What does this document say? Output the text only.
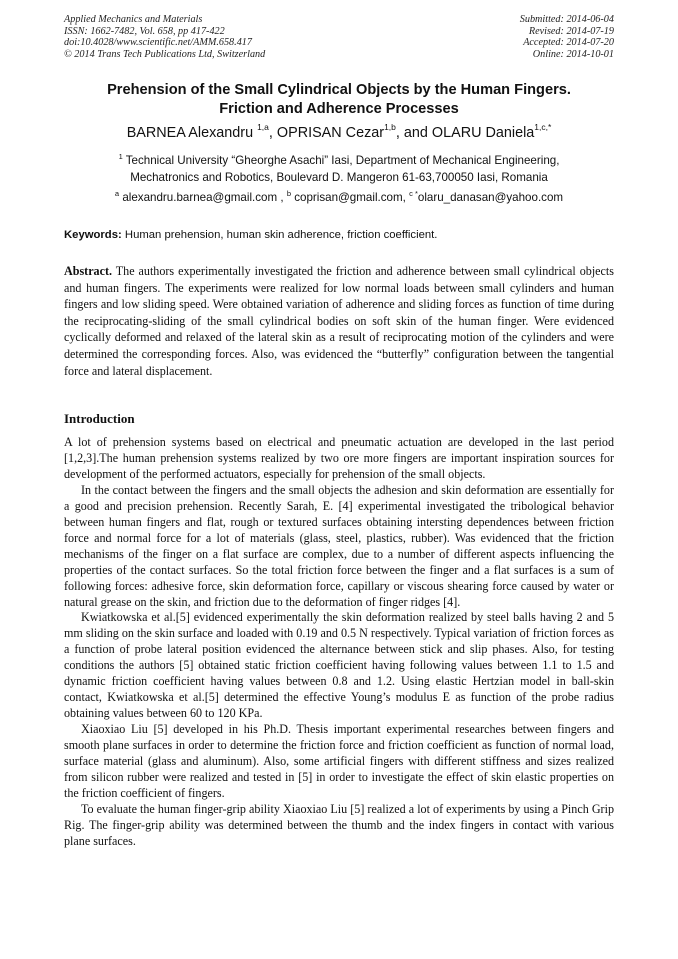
Applied Mechanics and Materials
ISSN: 1662-7482, Vol. 658, pp 417-422
doi:10.4028/www.scientific.net/AMM.658.417
© 2014 Trans Tech Publications Ltd, Switzerland
Submitted: 2014-06-04
Revised: 2014-07-19
Accepted: 2014-07-20
Online: 2014-10-01
Prehension of the Small Cylindrical Objects by the Human Fingers.
Friction and Adherence Processes
BARNEA Alexandru $^{1,a}$, OPRISAN Cezar$^{1,b}$, and OLARU Daniela$^{1,c,*}$
$^1$ Technical University “Gheorghe Asachi” Iasi, Department of Mechanical Engineering,
Mechatronics and Robotics, Boulevard D. Mangeron 61-63,700050 Iasi, Romania
$^a$ alexandru.barnea@gmail.com , $^b$ coprisan@gmail.com, $^{c *}$olaru_danasan@yahoo.com
Keywords: Human prehension, human skin adherence, friction coefficient.
Abstract. The authors experimentally investigated the friction and adherence between small cylindrical objects and human fingers. The experiments were realized for low normal loads between small cylinders and human fingers and low sliding speed. Were obtained variation of adherence and sliding forces as function of time during the reciprocating-sliding of the small cylindrical bodies on soft skin of the human finger. Were evidenced cyclically deformed and relaxed of the lateral skin as a result of reciprocating motion of the cylinders and were determined the corresponding forces. Also, was evidenced the “butterfly” configuration between the tangential force and lateral displacement.
Introduction

A lot of prehension systems based on electrical and pneumatic actuation are developed in the last period [1,2,3].The human prehension systems realized by two ore more fingers are important inspiration sources for development of the performed actuators, especially for prehension of the small objects.

In the contact between the fingers and the small objects the adhesion and skin deformation are essentially for a good and precision prehension. Recently Sarah, E. [4] experimental investigated the tribological behavior between human fingers and flat, rough or textured surfaces obtaining intersting dependences between friction force and normal force for a lot of materials (glass, steel, plastics, rubber). Was evidenced that the friction mechanisms of the finger on a flat surface are complex, due to a number of different aspects influencing the properties of the contact surfaces. So the total friction force between the finger and a flat surfaces is a sum of following forces: adhesive force, skin deformation force, capillary or viscous shearing force caused by water or natural grease on the skin, and friction due to the deformation of finger ridges [4].

Kwiatkowska et al.[5] evidenced experimentally the skin deformation realized by steel balls having 2 and 5 mm sliding on the skin surface and loaded with 0.19 and 0.5 N respectively. Typical variation of friction forces as a function of probe lateral position evidenced the alternance between stick and slip phases. Also, for testing conditions the authors [5] obtained static friction coefficient having following values between 1.1 to 1.5 and dynamic friction coefficient having values between 0.8 and 1.2. Using elastic Hertzian model in ball-skin contact, Kwiatkowska et al.[5] determined the effective Young’s modulus E as function of the probe radius obtaining values between 60 to 120 KPa.

Xiaoxiao Liu [5] developed in his Ph.D. Thesis important experimental researches between fingers and smooth plane surfaces in order to determine the friction force and friction coefficient as function of normal load, surface material (glass and aluminum). Also, some artificial fingers with different stiffness and sizes realized from silicon rubber were realized and tested in [5] in order to investigate the effect of skin elastic properties on the friction coefficient of fingers.

To evaluate the human finger-grip ability Xiaoxiao Liu [5] realized a lot of experiments by using a Pinch Grip Rig. The finger-grip ability was determined between the thumb and the index fingers in contact with various plane surfaces.
